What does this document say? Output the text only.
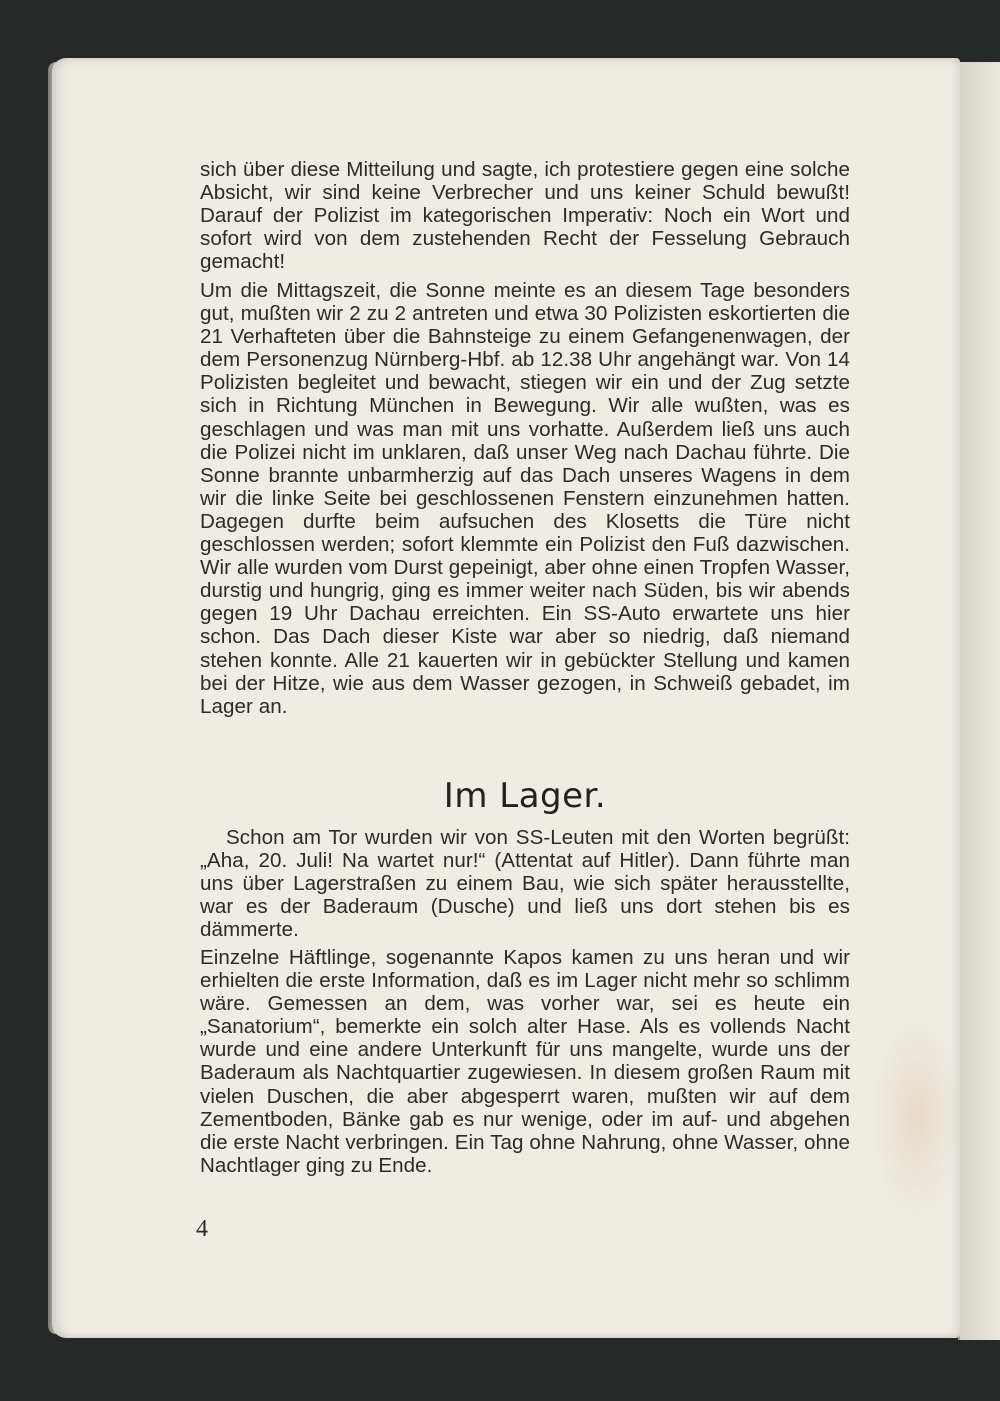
sich über diese Mitteilung und sagte, ich protestiere gegen eine solche Absicht, wir sind keine Verbrecher und uns keiner Schuld bewußt! Darauf der Polizist im kategorischen Imperativ: Noch ein Wort und sofort wird von dem zustehenden Recht der Fesselung Gebrauch gemacht!

Um die Mittagszeit, die Sonne meinte es an diesem Tage besonders gut, mußten wir 2 zu 2 antreten und etwa 30 Polizisten eskortierten die 21 Verhafteten über die Bahnsteige zu einem Gefangenenwagen, der dem Personenzug Nürnberg-Hbf. ab 12.38 Uhr angehängt war. Von 14 Polizisten begleitet und bewacht, stiegen wir ein und der Zug setzte sich in Richtung München in Bewegung. Wir alle wußten, was es geschlagen und was man mit uns vorhatte. Außerdem ließ uns auch die Polizei nicht im unklaren, daß unser Weg nach Dachau führte. Die Sonne brannte unbarmherzig auf das Dach unseres Wagens in dem wir die linke Seite bei geschlossenen Fenstern einzunehmen hatten. Dagegen durfte beim aufsuchen des Klosetts die Türe nicht geschlossen werden; sofort klemmte ein Polizist den Fuß dazwischen. Wir alle wurden vom Durst gepeinigt, aber ohne einen Tropfen Wasser, durstig und hungrig, ging es immer weiter nach Süden, bis wir abends gegen 19 Uhr Dachau erreichten. Ein SS-Auto erwartete uns hier schon. Das Dach dieser Kiste war aber so niedrig, daß niemand stehen konnte. Alle 21 kauerten wir in gebückter Stellung und kamen bei der Hitze, wie aus dem Wasser gezogen, in Schweiß gebadet, im Lager an.

Im Lager.

Schon am Tor wurden wir von SS-Leuten mit den Worten begrüßt: „Aha, 20. Juli! Na wartet nur!“ (Attentat auf Hitler). Dann führte man uns über Lagerstraßen zu einem Bau, wie sich später herausstellte, war es der Baderaum (Dusche) und ließ uns dort stehen bis es dämmerte.

Einzelne Häftlinge, sogenannte Kapos kamen zu uns heran und wir erhielten die erste Information, daß es im Lager nicht mehr so schlimm wäre. Gemessen an dem, was vorher war, sei es heute ein „Sanatorium“, bemerkte ein solch alter Hase. Als es vollends Nacht wurde und eine andere Unterkunft für uns mangelte, wurde uns der Baderaum als Nachtquartier zugewiesen. In diesem großen Raum mit vielen Duschen, die aber abgesperrt waren, mußten wir auf dem Zementboden, Bänke gab es nur wenige, oder im auf- und abgehen die erste Nacht verbringen. Ein Tag ohne Nahrung, ohne Wasser, ohne Nachtlager ging zu Ende.

4
